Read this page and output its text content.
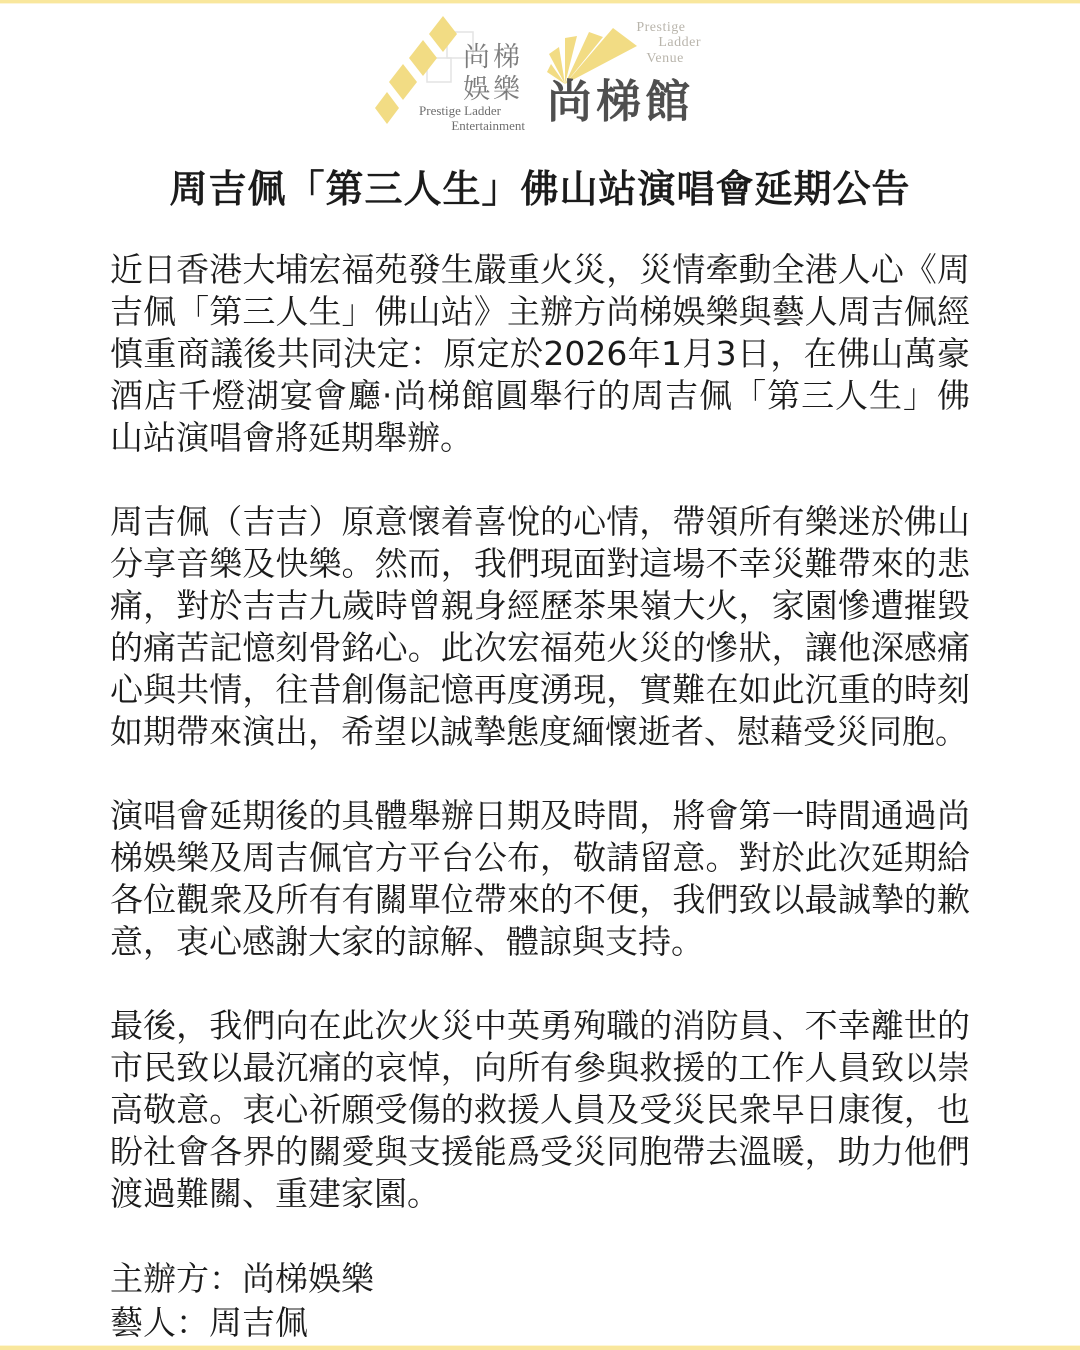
尚梯
娛樂
Prestige Ladder
Entertainment
Prestige
Ladder
Venue
尚梯館
周吉佩「第三人生」佛山站演唱會延期公告

近日香港大埔宏福苑發生嚴重火災，災情牽動全港人心《周吉佩「第三人生」佛山站》主辦方尚梯娛樂與藝人周吉佩經慎重商議後共同決定：原定於2026年1月3日，在佛山萬豪酒店千燈湖宴會廳·尚梯館圓舉行的周吉佩「第三人生」佛山站演唱會將延期舉辦。

周吉佩（吉吉）原意懷着喜悅的心情，帶領所有樂迷於佛山分享音樂及快樂。然而，我們現面對這場不幸災難帶來的悲痛，對於吉吉九歲時曾親身經歷茶果嶺大火，家園慘遭摧毀的痛苦記憶刻骨銘心。此次宏福苑火災的慘狀，讓他深感痛心與共情，往昔創傷記憶再度湧現，實難在如此沉重的時刻如期帶來演出，希望以誠摯態度緬懷逝者、慰藉受災同胞。

演唱會延期後的具體舉辦日期及時間，將會第一時間通過尚梯娛樂及周吉佩官方平台公布，敬請留意。對於此次延期給各位觀衆及所有有關單位帶來的不便，我們致以最誠摯的歉意，衷心感謝大家的諒解、體諒與支持。

最後，我們向在此次火災中英勇殉職的消防員、不幸離世的市民致以最沉痛的哀悼，向所有參與救援的工作人員致以崇高敬意。衷心祈願受傷的救援人員及受災民衆早日康復，也盼社會各界的關愛與支援能爲受災同胞帶去溫暖，助力他們渡過難關、重建家園。

主辦方：尚梯娛樂
藝人：周吉佩
